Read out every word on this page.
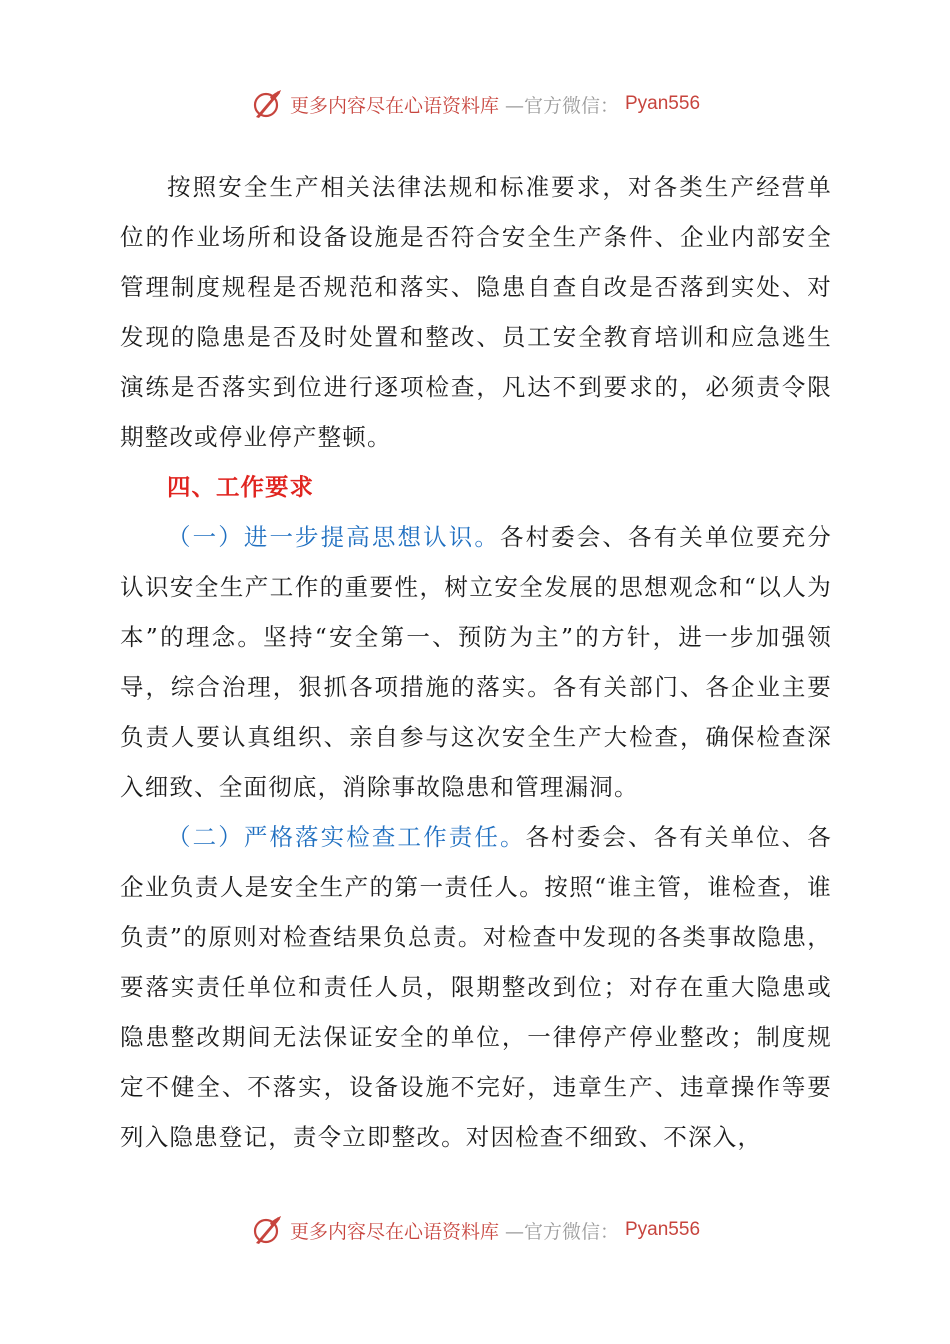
更多内容尽在心语资料库 —官方微信： Pyan556

按照安全生产相关法律法规和标准要求，对各类生产经营单位的作业场所和设备设施是否符合安全生产条件、企业内部安全管理制度规程是否规范和落实、隐患自查自改是否落到实处、对发现的隐患是否及时处置和整改、员工安全教育培训和应急逃生演练是否落实到位进行逐项检查，凡达不到要求的，必须责令限期整改或停业停产整顿。

四、工作要求

（一）进一步提高思想认识。各村委会、各有关单位要充分认识安全生产工作的重要性，树立安全发展的思想观念和“以人为本”的理念。坚持“安全第一、预防为主”的方针，进一步加强领导，综合治理，狠抓各项措施的落实。各有关部门、各企业主要负责人要认真组织、亲自参与这次安全生产大检查，确保检查深入细致、全面彻底，消除事故隐患和管理漏洞。

（二）严格落实检查工作责任。各村委会、各有关单位、各企业负责人是安全生产的第一责任人。按照“谁主管，谁检查，谁负责”的原则对检查结果负总责。对检查中发现的各类事故隐患，要落实责任单位和责任人员，限期整改到位；对存在重大隐患或隐患整改期间无法保证安全的单位，一律停产停业整改；制度规定不健全、不落实，设备设施不完好，违章生产、违章操作等要列入隐患登记，责令立即整改。对因检查不细致、不深入，

更多内容尽在心语资料库 —官方微信： Pyan556
